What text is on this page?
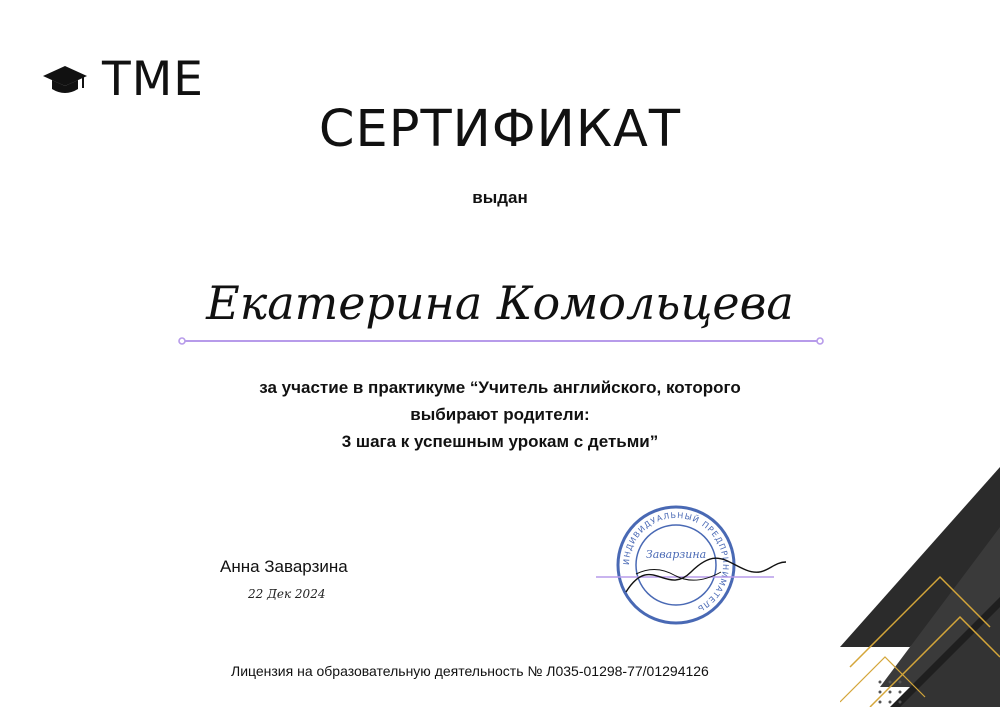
TME
СЕРТИФИКАТ
выдан
Екатерина Комольцева
за участие в практикуме “Учитель английского, которого
выбирают родители:
3 шага к успешным урокам с детьми”
Анна Заварзина
22 Дек 2024
ИНДИВИДУАЛЬНЫЙ ПРЕДПРИНИМАТЕЛЬ
Заварзина
Лицензия на образовательную деятельность № Л035-01298-77/01294126
